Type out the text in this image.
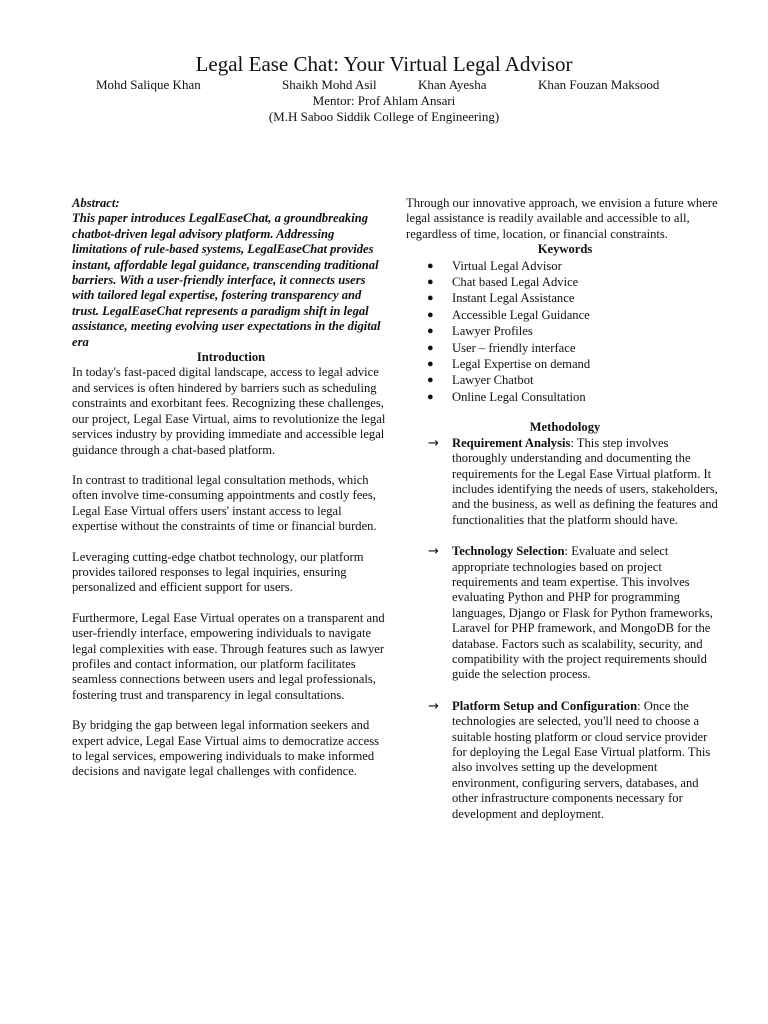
Legal Ease Chat: Your Virtual Legal Advisor
Mohd Salique Khan	Shaikh Mohd Asil	Khan Ayesha	Khan Fouzan Maksood
Mentor: Prof Ahlam Ansari
(M.H Saboo Siddik College of Engineering)

Abstract:
This paper introduces LegalEaseChat, a groundbreaking chatbot-driven legal advisory platform. Addressing limitations of rule-based systems, LegalEaseChat provides instant, affordable legal guidance, transcending traditional barriers. With a user-friendly interface, it connects users with tailored legal expertise, fostering transparency and trust. LegalEaseChat represents a paradigm shift in legal assistance, meeting evolving user expectations in the digital era

Introduction

In today's fast-paced digital landscape, access to legal advice and services is often hindered by barriers such as scheduling constraints and exorbitant fees. Recognizing these challenges, our project, Legal Ease Virtual, aims to revolutionize the legal services industry by providing immediate and accessible legal guidance through a chat-based platform.

In contrast to traditional legal consultation methods, which often involve time-consuming appointments and costly fees, Legal Ease Virtual offers users' instant access to legal expertise without the constraints of time or financial burden.

Leveraging cutting-edge chatbot technology, our platform provides tailored responses to legal inquiries, ensuring personalized and efficient support for users.

Furthermore, Legal Ease Virtual operates on a transparent and user-friendly interface, empowering individuals to navigate legal complexities with ease. Through features such as lawyer profiles and contact information, our platform facilitates seamless connections between users and legal professionals, fostering trust and transparency in legal consultations.

By bridging the gap between legal information seekers and expert advice, Legal Ease Virtual aims to democratize access to legal services, empowering individuals to make informed decisions and navigate legal challenges with confidence.

Through our innovative approach, we envision a future where legal assistance is readily available and accessible to all, regardless of time, location, or financial constraints.

Keywords
● Virtual Legal Advisor
● Chat based Legal Advice
● Instant Legal Assistance
● Accessible Legal Guidance
● Lawyer Profiles
● User – friendly interface
● Legal Expertise on demand
● Lawyer Chatbot
● Online Legal Consultation
Methodology
→ Requirement Analysis: This step involves thoroughly understanding and documenting the requirements for the Legal Ease Virtual platform. It includes identifying the needs of users, stakeholders, and the business, as well as defining the features and functionalities that the platform should have.
→ Technology Selection: Evaluate and select appropriate technologies based on project requirements and team expertise. This involves evaluating Python and PHP for programming languages, Django or Flask for Python frameworks, Laravel for PHP framework, and MongoDB for the database. Factors such as scalability, security, and compatibility with the project requirements should guide the selection process.
→ Platform Setup and Configuration: Once the technologies are selected, you'll need to choose a suitable hosting platform or cloud service provider for deploying the Legal Ease Virtual platform. This also involves setting up the development environment, configuring servers, databases, and other infrastructure components necessary for development and deployment.
